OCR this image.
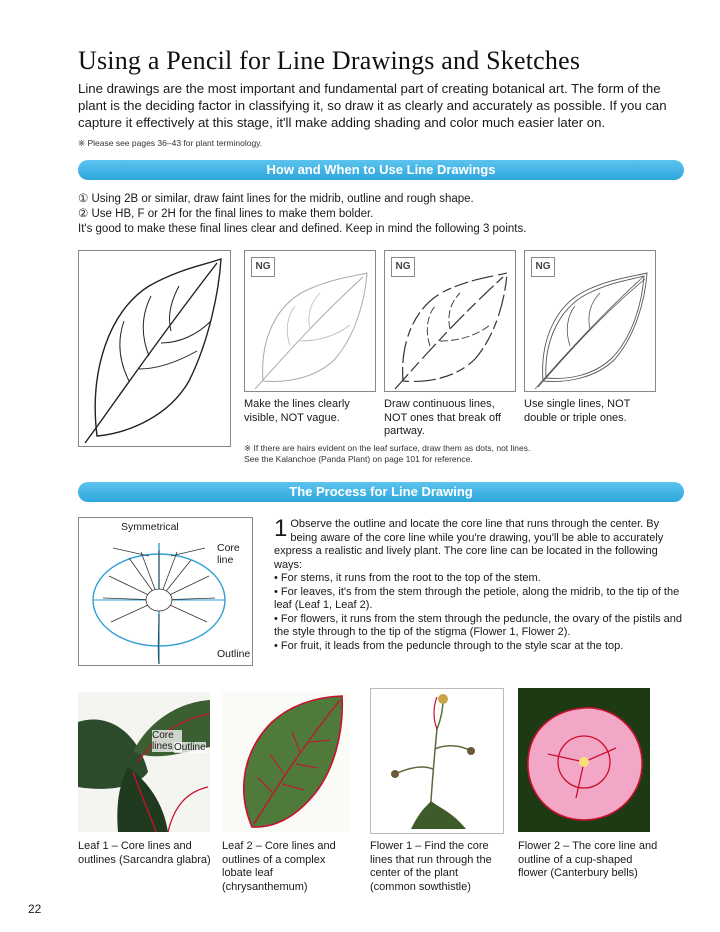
Using a Pencil for Line Drawings and Sketches
Line drawings are the most important and fundamental part of creating botanical art. The form of the plant is the deciding factor in classifying it, so draw it as clearly and accurately as possible. If you can capture it effectively at this stage, it'll make adding shading and color much easier later on.
※ Please see pages 36–43 for plant terminology.
How and When to Use Line Drawings
① Using 2B or similar, draw faint lines for the midrib, outline and rough shape.
② Use HB, F or 2H for the final lines to make them bolder.
It's good to make these final lines clear and defined. Keep in mind the following 3 points.
NG
Make the lines clearly visible, NOT vague.
NG
Draw continuous lines, NOT ones that break off partway.
NG
Use single lines, NOT double or triple ones.
※ If there are hairs evident on the leaf surface, draw them as dots, not lines.
See the Kalanchoe (Panda Plant) on page 101 for reference.
The Process for Line Drawing
Symmetrical
Core line
Outline
1 Observe the outline and locate the core line that runs through the center. By being aware of the core line while you're drawing, you'll be able to accurately express a realistic and lively plant. The core line can be located in the following ways:
• For stems, it runs from the root to the top of the stem.
• For leaves, it's from the stem through the petiole, along the midrib, to the tip of the leaf (Leaf 1, Leaf 2).
• For flowers, it runs from the stem through the peduncle, the ovary of the pistils and the style through to the tip of the stigma (Flower 1, Flower 2).
• For fruit, it leads from the peduncle through to the style scar at the top.
Core lines Outline
Leaf 1 – Core lines and outlines (Sarcandra glabra)
Leaf 2 – Core lines and outlines of a complex lobate leaf (chrysanthemum)
Flower 1 – Find the core lines that run through the center of the plant (common sowthistle)
Flower 2 – The core line and outline of a cup-shaped flower (Canterbury bells)
22
